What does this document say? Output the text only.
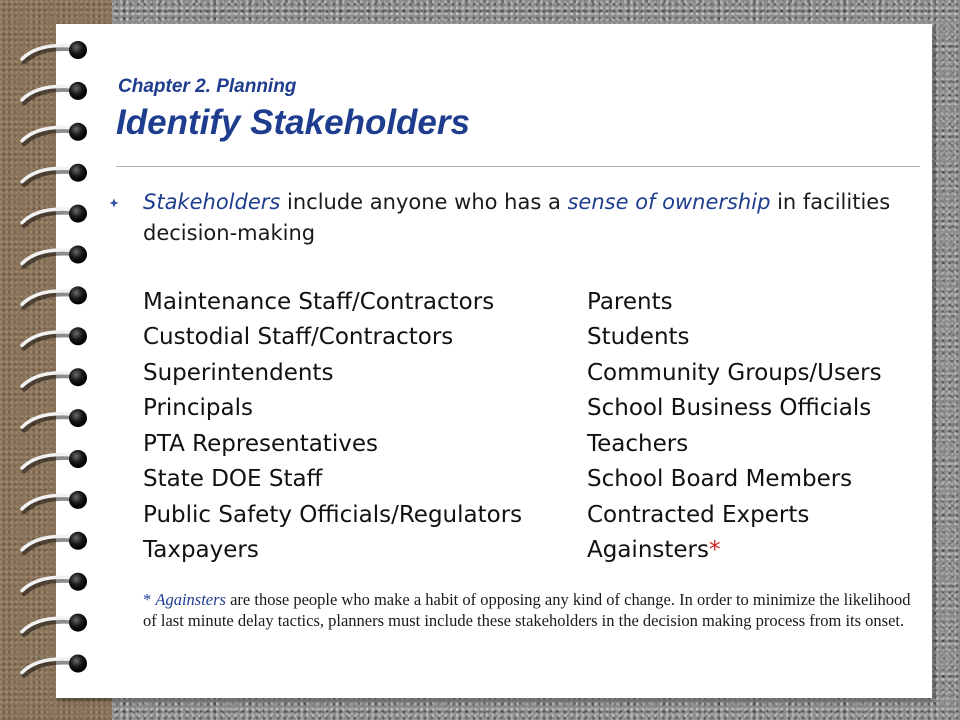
Chapter 2. Planning
Identify Stakeholders
Stakeholders include anyone who has a sense of ownership in facilities decision-making
Maintenance Staff/Contractors	Parents
Custodial Staff/Contractors	Students
Superintendents	Community Groups/Users
Principals	School Business Officials
PTA Representatives	Teachers
State DOE Staff	School Board Members
Public Safety Officials/Regulators	Contracted Experts
Taxpayers	Againsters*
* Againsters are those people who make a habit of opposing any kind of change. In order to minimize the likelihood of last minute delay tactics, planners must include these stakeholders in the decision making process from its onset.
